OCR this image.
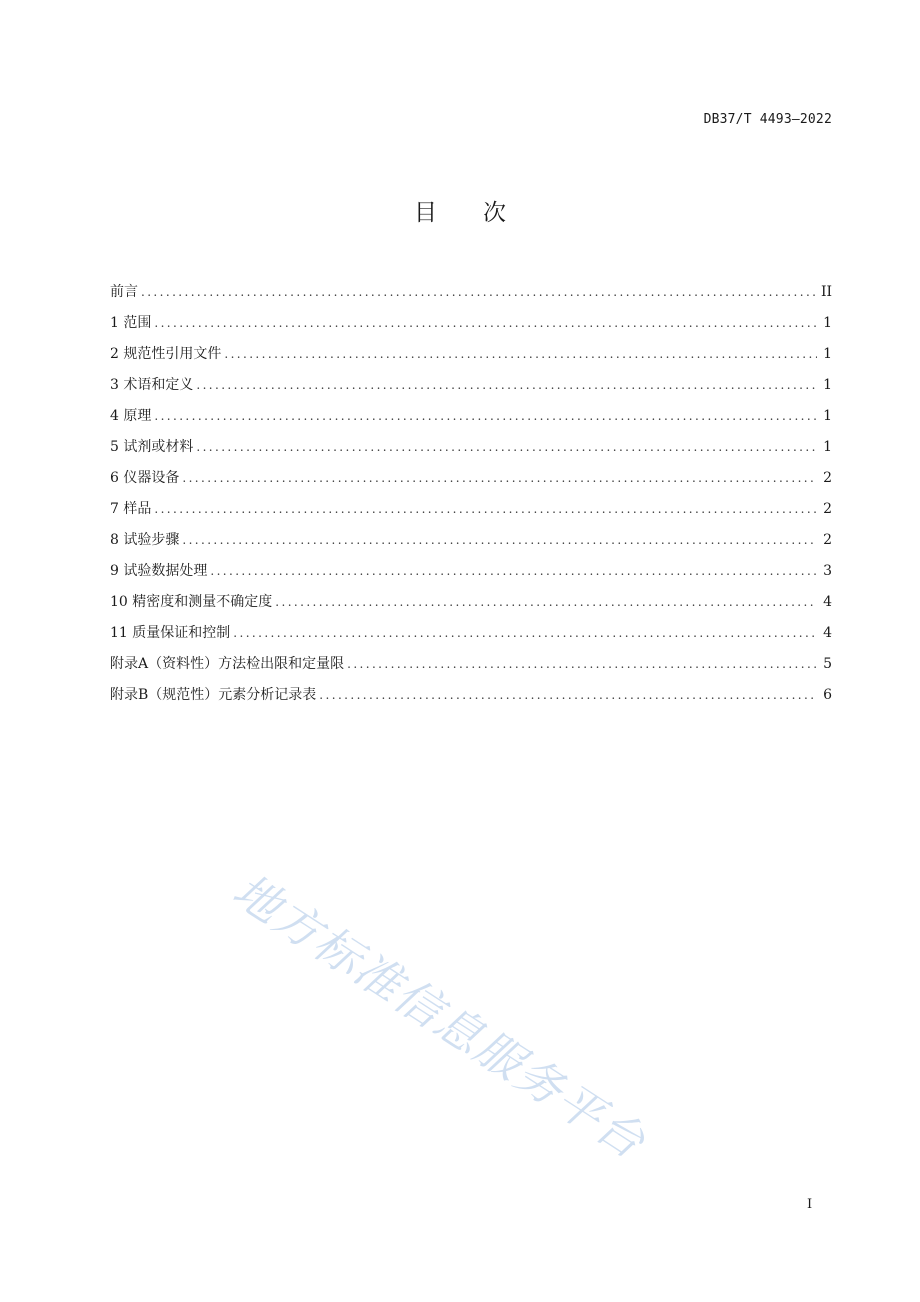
DB37/T 4493—2022
目 次
前言 .....	II
1 范围 .....	1
2 规范性引用文件 .....	1
3 术语和定义 .....	1
4 原理 .....	1
5 试剂或材料 .....	1
6 仪器设备 .....	2
7 样品 .....	2
8 试验步骤 .....	2
9 试验数据处理 .....	3
10 精密度和测量不确定度 .....	4
11 质量保证和控制 .....	4
附录A（资料性）方法检出限和定量限 .....	5
附录B（规范性）元素分析记录表 .....	6
地方标准信息服务平台
I
